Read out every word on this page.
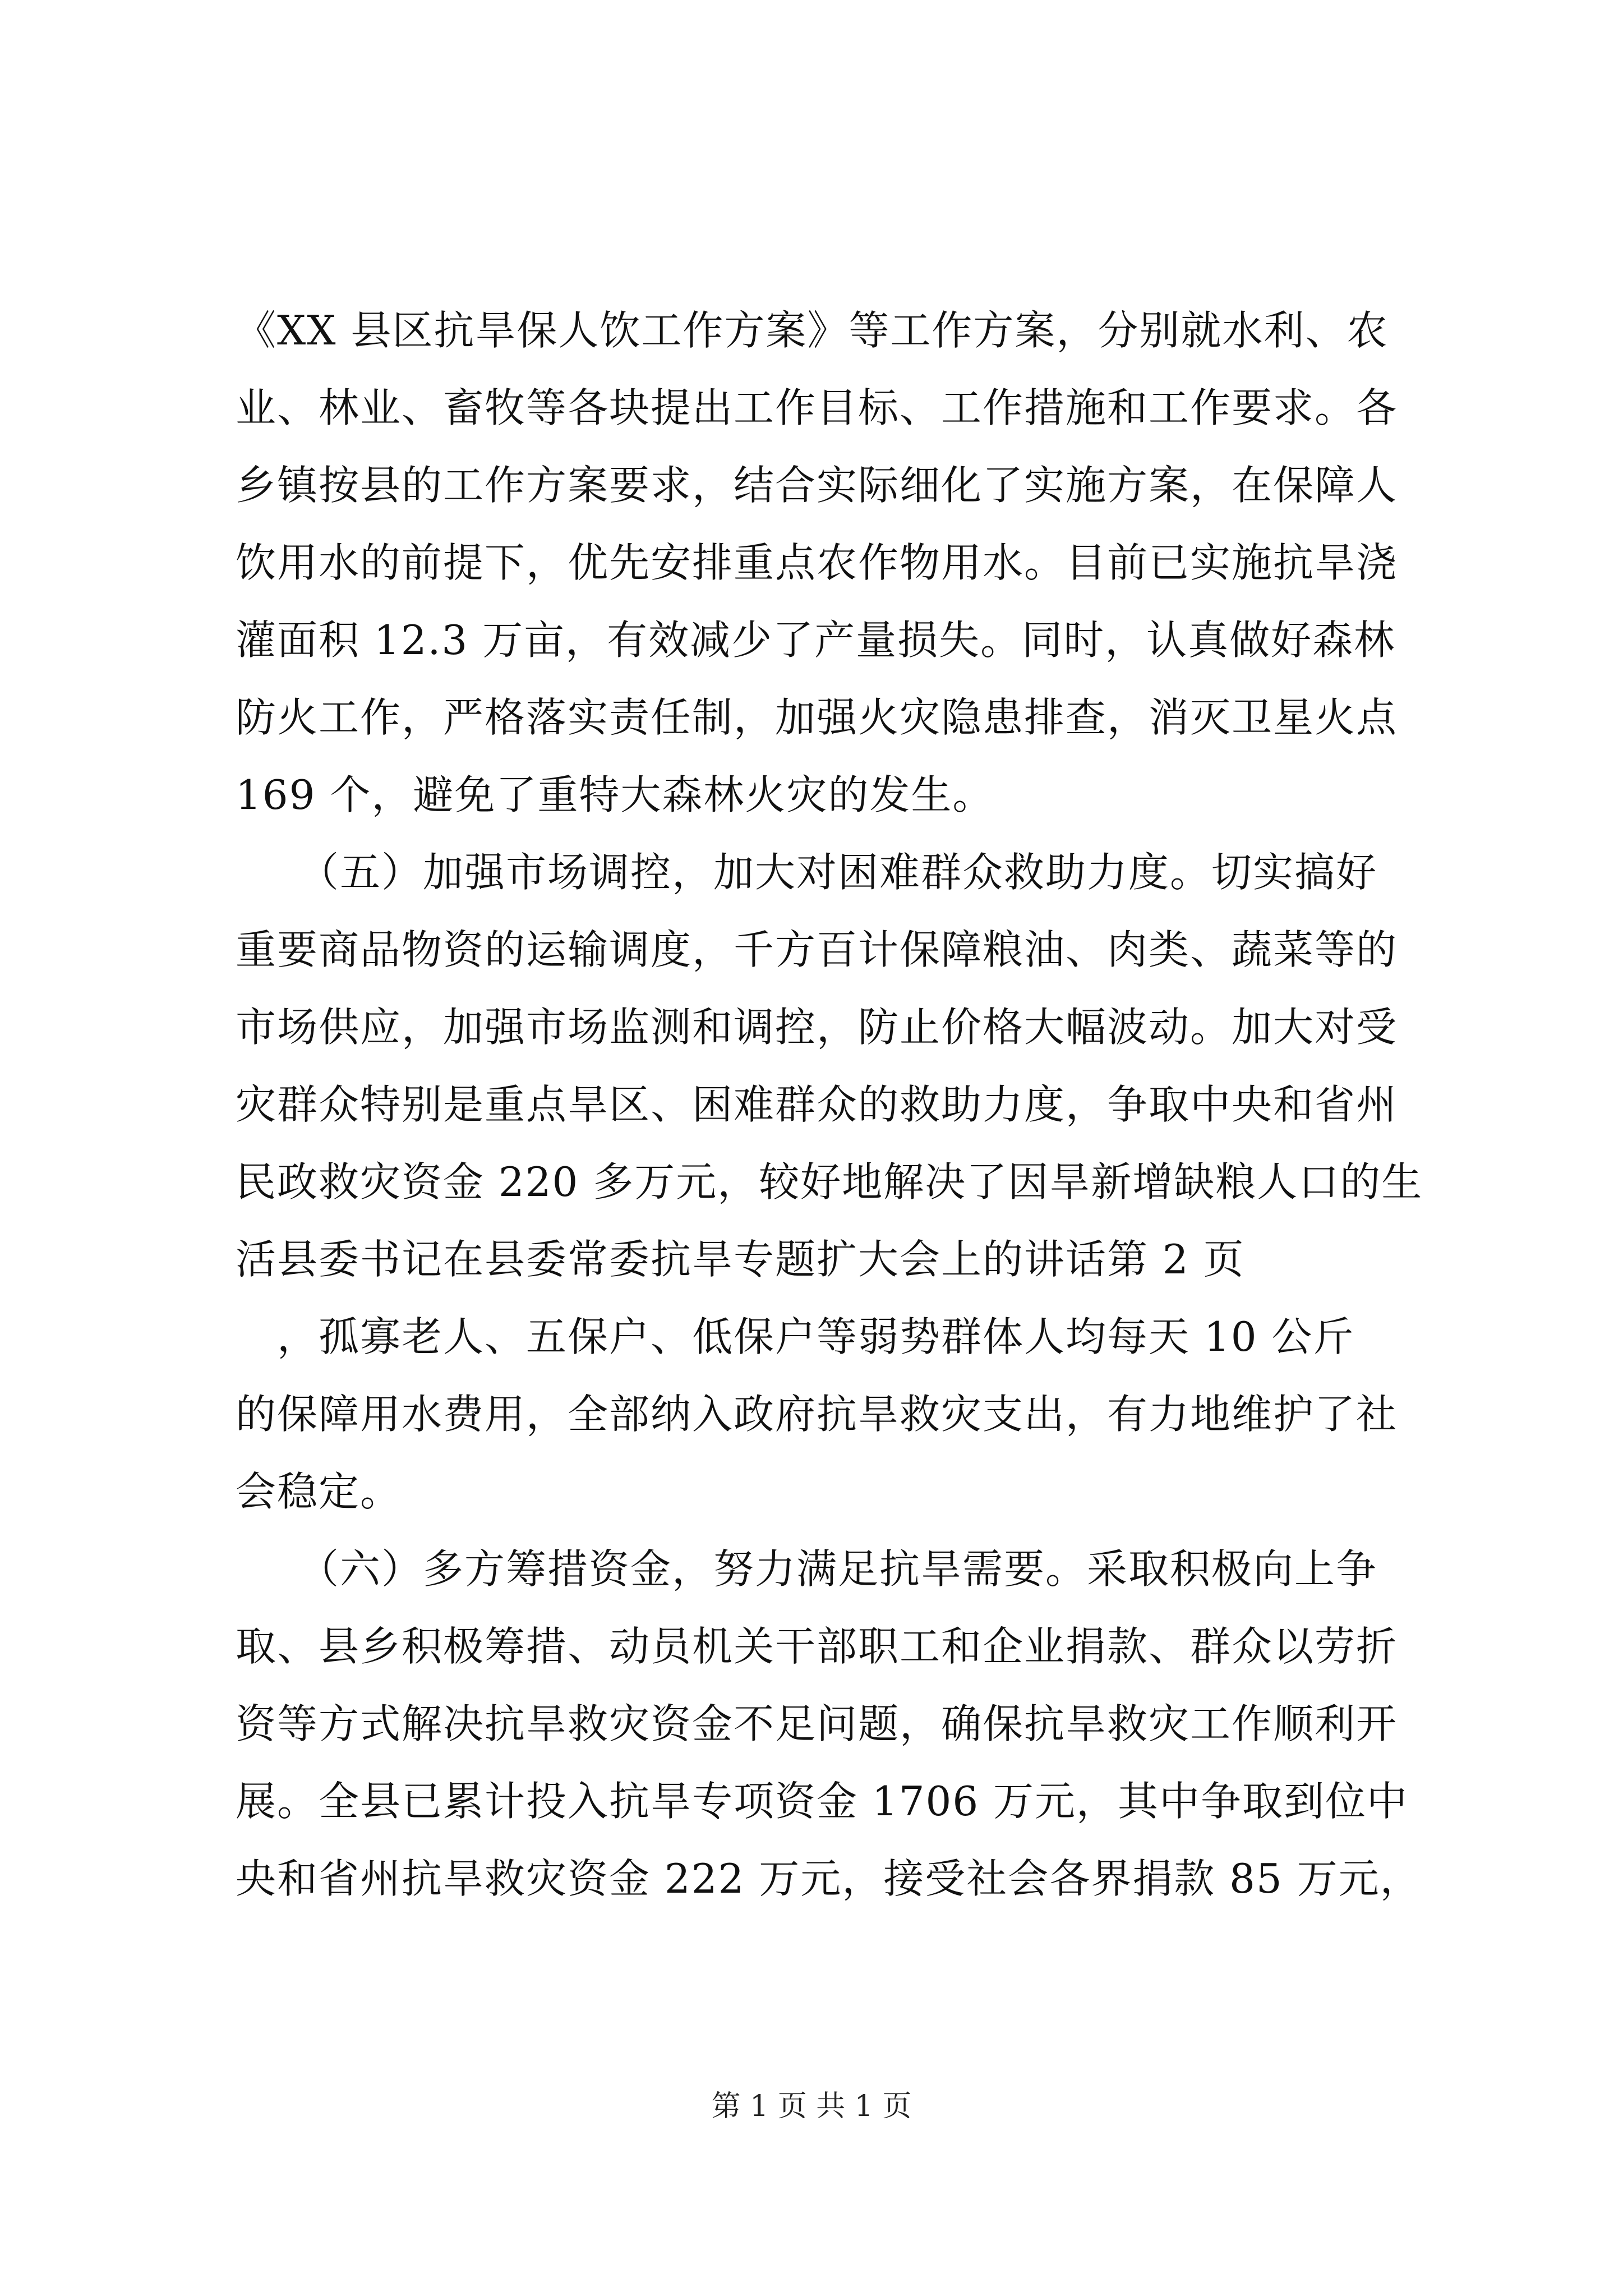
《XX 县区抗旱保人饮工作方案》等工作方案，分别就水利、农
业、林业、畜牧等各块提出工作目标、工作措施和工作要求。各
乡镇按县的工作方案要求，结合实际细化了实施方案，在保障人
饮用水的前提下，优先安排重点农作物用水。目前已实施抗旱浇
灌面积 12.3 万亩，有效减少了产量损失。同时，认真做好森林
防火工作，严格落实责任制，加强火灾隐患排查，消灭卫星火点
169 个，避免了重特大森林火灾的发生。
　　（五）加强市场调控，加大对困难群众救助力度。切实搞好
重要商品物资的运输调度，千方百计保障粮油、肉类、蔬菜等的
市场供应，加强市场监测和调控，防止价格大幅波动。加大对受
灾群众特别是重点旱区、困难群众的救助力度，争取中央和省州
民政救灾资金 220 多万元，较好地解决了因旱新增缺粮人口的生
活县委书记在县委常委抗旱专题扩大会上的讲话第 2 页
　，孤寡老人、五保户、低保户等弱势群体人均每天 10 公斤
的保障用水费用，全部纳入政府抗旱救灾支出，有力地维护了社
会稳定。
　　（六）多方筹措资金，努力满足抗旱需要。采取积极向上争
取、县乡积极筹措、动员机关干部职工和企业捐款、群众以劳折
资等方式解决抗旱救灾资金不足问题，确保抗旱救灾工作顺利开
展。全县已累计投入抗旱专项资金 1706 万元，其中争取到位中
央和省州抗旱救灾资金 222 万元，接受社会各界捐款 85 万元，
第 1 页 共 1 页
